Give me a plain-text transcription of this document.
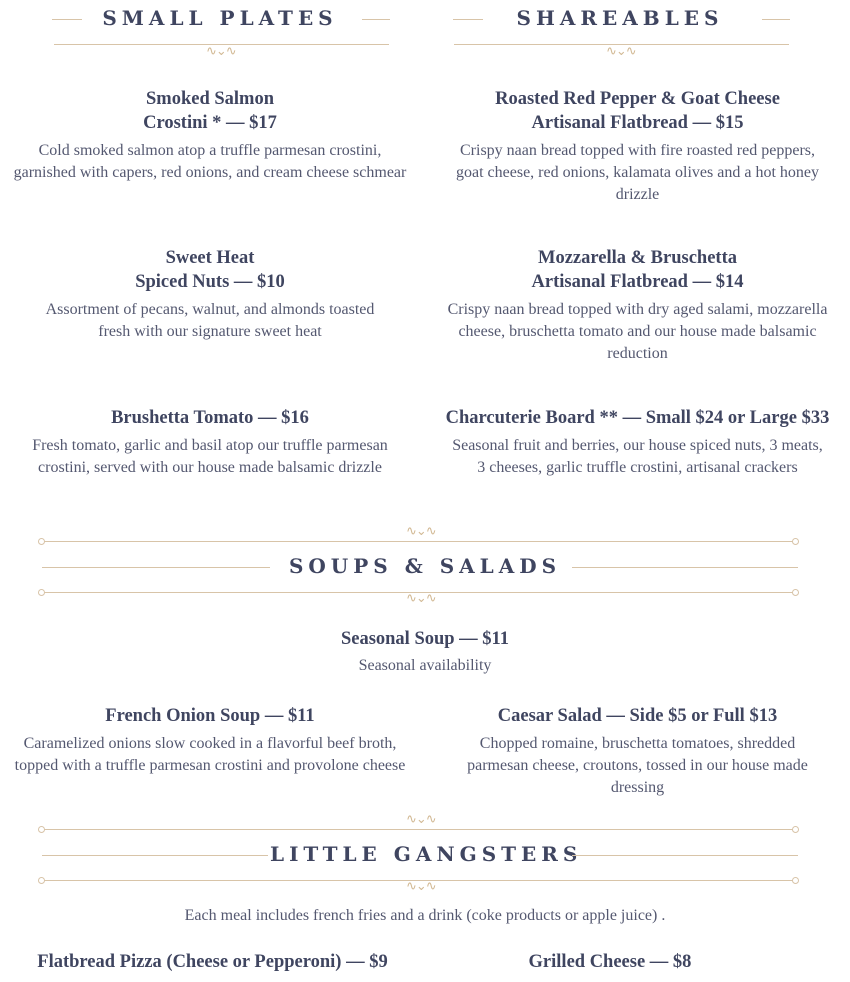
SMALL PLATES	SHAREABLES
∿⌄∿	∿⌄∿
Smoked Salmon
Crostini * — $17
Cold smoked salmon atop a truffle parmesan crostini, garnished with capers, red onions, and cream cheese schmear
Sweet Heat
Spiced Nuts — $10
Assortment of pecans, walnut, and almonds toasted fresh with our signature sweet heat
Brushetta Tomato — $16
Fresh tomato, garlic and basil atop our truffle parmesan crostini, served with our house made balsamic drizzle
Roasted Red Pepper & Goat Cheese
Artisanal Flatbread — $15
Crispy naan bread topped with fire roasted red peppers, goat cheese, red onions, kalamata olives and a hot honey drizzle
Mozzarella & Bruschetta
Artisanal Flatbread — $14
Crispy naan bread topped with dry aged salami, mozzarella cheese, bruschetta tomato and our house made balsamic reduction
Charcuterie Board ** — Small $24 or Large $33
Seasonal fruit and berries, our house spiced nuts, 3 meats, 3 cheeses, garlic truffle crostini, artisanal crackers
∿⌄∿
SOUPS & SALADS
∿⌄∿
Seasonal Soup — $11
Seasonal availability
French Onion Soup — $11
Caramelized onions slow cooked in a flavorful beef broth, topped with a truffle parmesan crostini and provolone cheese
Caesar Salad — Side $5 or Full $13
Chopped romaine, bruschetta tomatoes, shredded parmesan cheese, croutons, tossed in our house made dressing
∿⌄∿
LITTLE GANGSTERS
∿⌄∿
Each meal includes french fries and a drink (coke products or apple juice) .
Flatbread Pizza (Cheese or Pepperoni) — $9	Grilled Cheese — $8
